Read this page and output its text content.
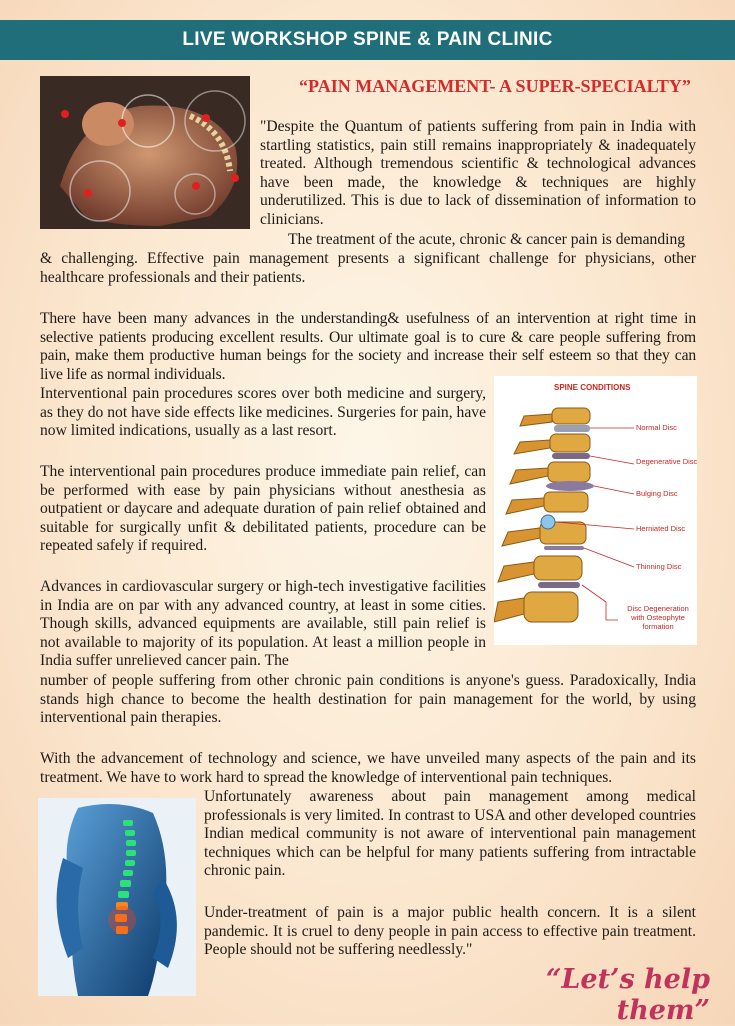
LIVE WORKSHOP SPINE & PAIN CLINIC
“PAIN MANAGEMENT- A SUPER-SPECIALTY”

"Despite the Quantum of patients suffering from pain in India with startling statistics, pain still remains inappropriately & inadequately treated. Although tremendous scientific & technological advances have been made, the knowledge & techniques are highly underutilized. This is due to lack of dissemination of information to clinicians.

The treatment of the acute, chronic & cancer pain is demanding

& challenging. Effective pain management presents a significant challenge for physicians, other healthcare professionals and their patients.

There have been many advances in the understanding& usefulness of an intervention at right time in selective patients producing excellent results. Our ultimate goal is to cure & care people suffering from pain, make them productive human beings for the society and increase their self esteem so that they can live life as normal individuals.

Interventional pain procedures scores over both medicine and surgery, as they do not have side effects like medicines. Surgeries for pain, have now limited indications, usually as a last resort.

The interventional pain procedures produce immediate pain relief, can be performed with ease by pain physicians without anesthesia as outpatient or daycare and adequate duration of pain relief obtained and suitable for surgically unfit & debilitated patients, procedure can be repeated safely if required.

Advances in cardiovascular surgery or high-tech investigative facilities in India are on par with any advanced country, at least in some cities. Though skills, advanced equipments are available, still pain relief is not available to majority of its population. At least a million people in India suffer unrelieved cancer pain. The

number of people suffering from other chronic pain conditions is anyone's guess. Paradoxically, India stands high chance to become the health destination for pain management for the world, by using interventional pain therapies.

With the advancement of technology and science, we have unveiled many aspects of the pain and its treatment. We have to work hard to spread the knowledge of interventional pain techniques.

Unfortunately awareness about pain management among medical professionals is very limited. In contrast to USA and other developed countries Indian medical community is not aware of interventional pain management techniques which can be helpful for many patients suffering from intractable chronic pain.

Under-treatment of pain is a major public health concern. It is a silent pandemic. It is cruel to deny people in pain access to effective pain treatment. People should not be suffering needlessly."

SPINE CONDITIONS
Normal Disc
Degenerative Disc
Bulging Disc
Herniated Disc
Thinning Disc
Disc Degeneration with Osteophyte formation
“Let’s help them”
